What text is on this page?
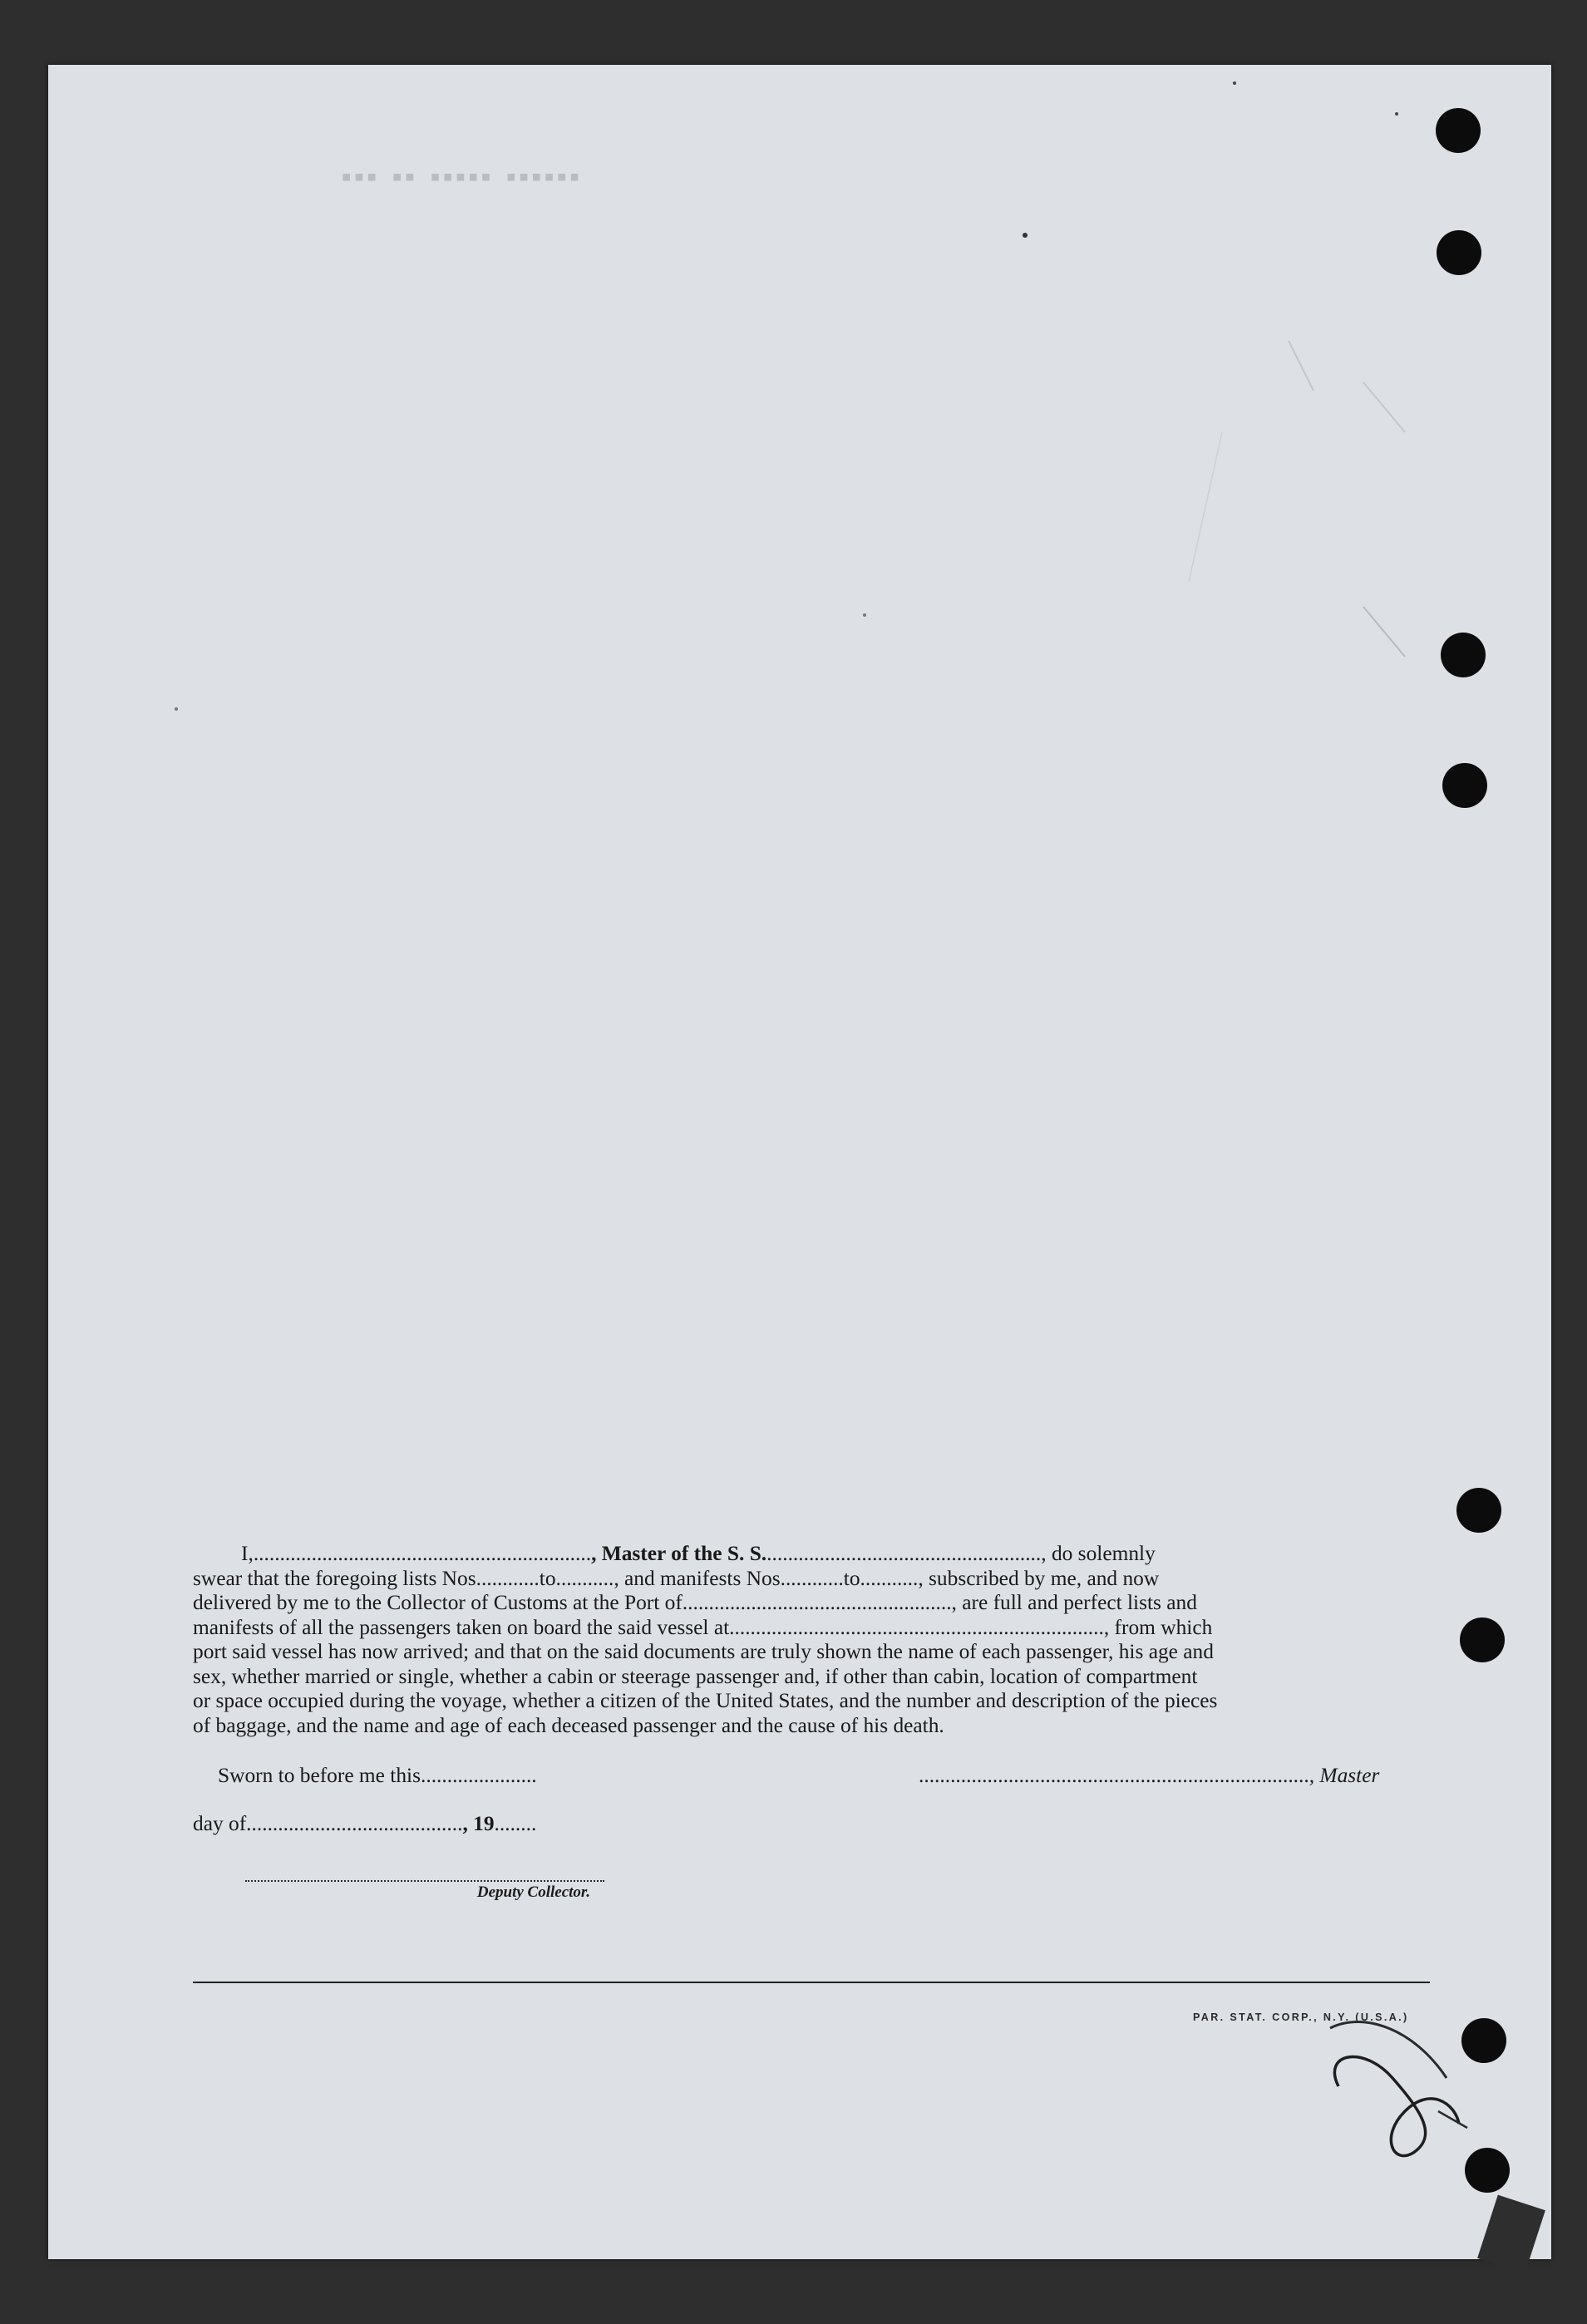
▪▪▪ ▪▪ ▪▪▪▪▪ ▪▪▪▪▪▪

I,................................................................, Master of the S. S....................................................., do solemnly

swear that the foregoing lists Nos............to..........., and manifests Nos............to..........., subscribed by me, and now

delivered by me to the Collector of Customs at the Port of..................................................., are full and perfect lists and

manifests of all the passengers taken on board the said vessel at......................................................................., from which

port said vessel has now arrived; and that on the said documents are truly shown the name of each passenger, his age and

sex, whether married or single, whether a cabin or steerage passenger and, if other than cabin, location of compartment

or space occupied during the voyage, whether a citizen of the United States, and the number and description of the pieces

of baggage, and the name and age of each deceased passenger and the cause of his death.

Sworn to before me this......................	.........................................................................., Master
day of........................................., 19........
Deputy Collector.
PAR. STAT. CORP., N.Y. (U.S.A.)
